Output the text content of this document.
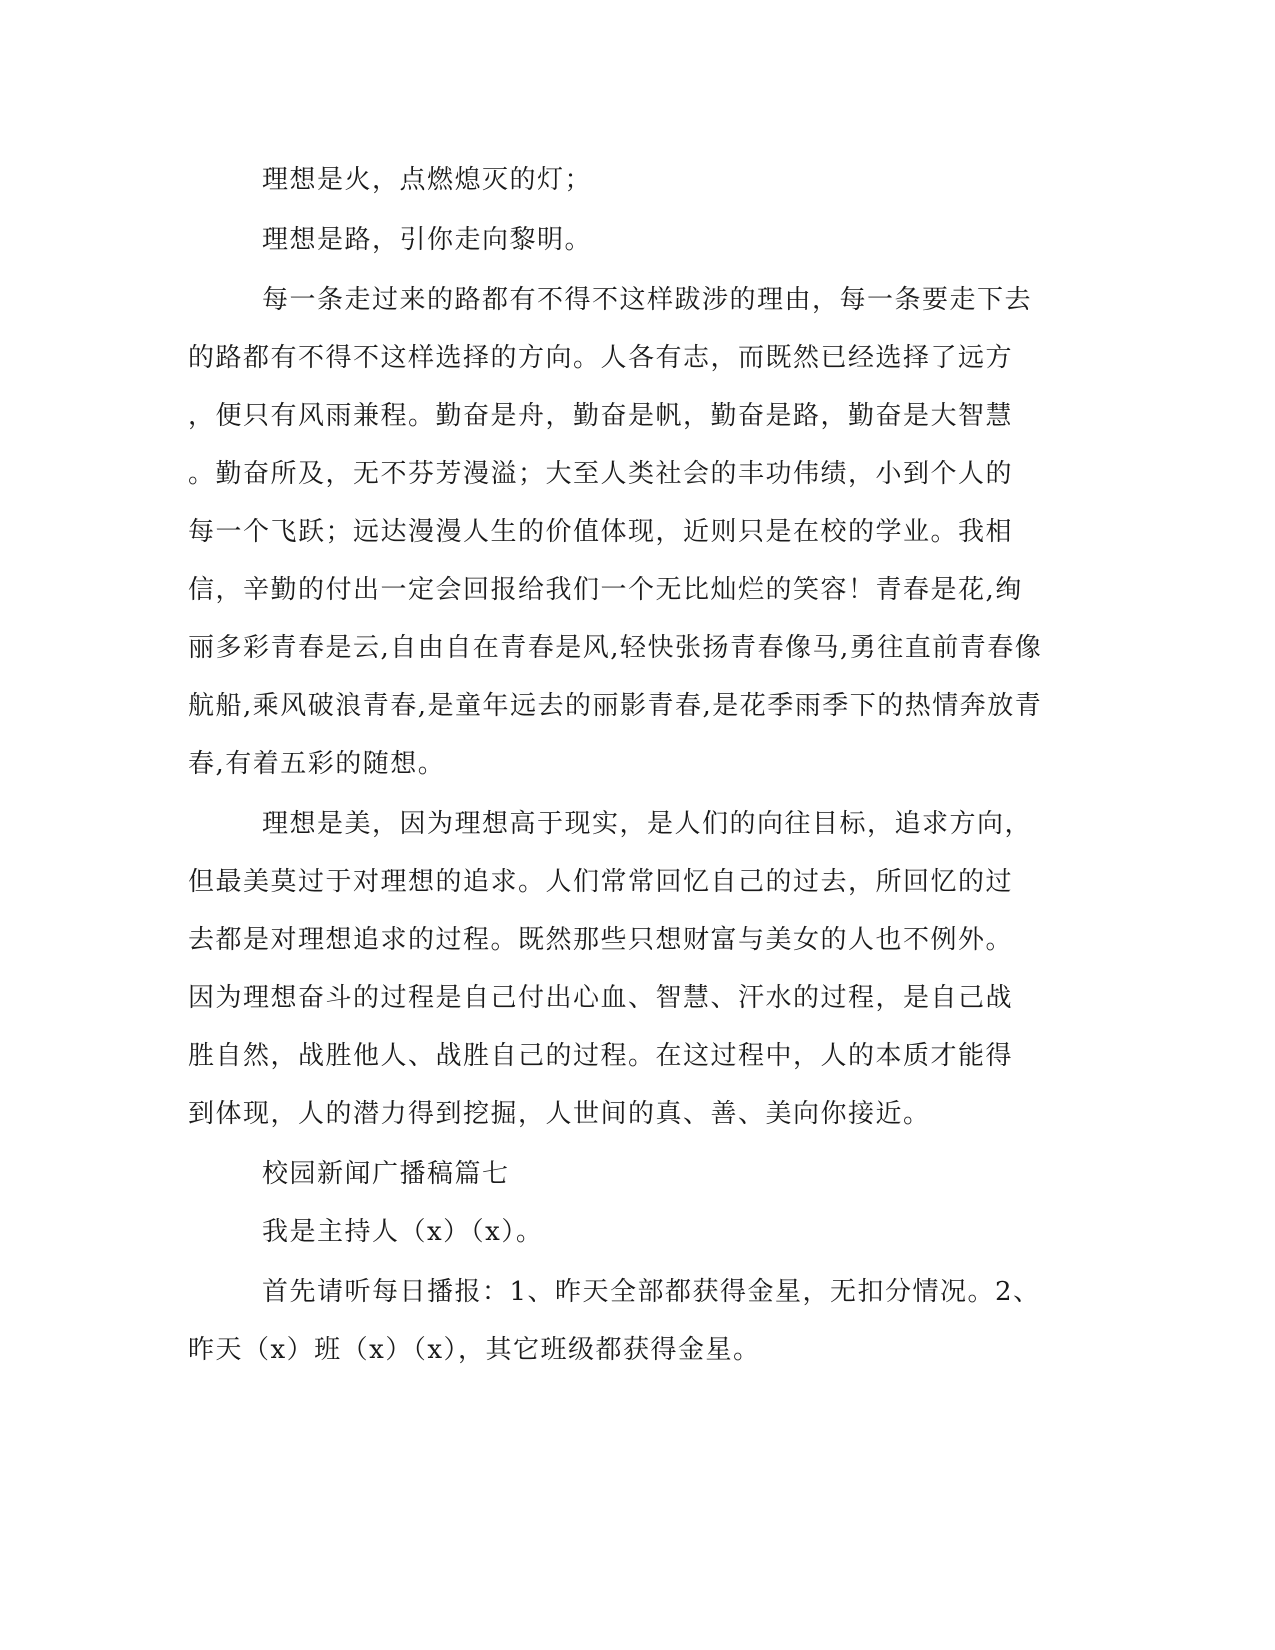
理想是火，点燃熄灭的灯；
理想是路，引你走向黎明。
每一条走过来的路都有不得不这样跋涉的理由，每一条要走下去
的路都有不得不这样选择的方向。人各有志，而既然已经选择了远方
，便只有风雨兼程。勤奋是舟，勤奋是帆，勤奋是路，勤奋是大智慧
。勤奋所及，无不芬芳漫溢；大至人类社会的丰功伟绩，小到个人的
每一个飞跃；远达漫漫人生的价值体现，近则只是在校的学业。我相
信，辛勤的付出一定会回报给我们一个无比灿烂的笑容！青春是花,绚
丽多彩青春是云,自由自在青春是风,轻快张扬青春像马,勇往直前青春像
航船,乘风破浪青春,是童年远去的丽影青春,是花季雨季下的热情奔放青
春,有着五彩的随想。
理想是美，因为理想高于现实，是人们的向往目标，追求方向，
但最美莫过于对理想的追求。人们常常回忆自己的过去，所回忆的过
去都是对理想追求的过程。既然那些只想财富与美女的人也不例外。
因为理想奋斗的过程是自己付出心血、智慧、汗水的过程，是自己战
胜自然，战胜他人、战胜自己的过程。在这过程中，人的本质才能得
到体现，人的潜力得到挖掘，人世间的真、善、美向你接近。
校园新闻广播稿篇七
我是主持人（x）（x）。
首先请听每日播报：1、昨天全部都获得金星，无扣分情况。2、
昨天（x）班（x）（x），其它班级都获得金星。
